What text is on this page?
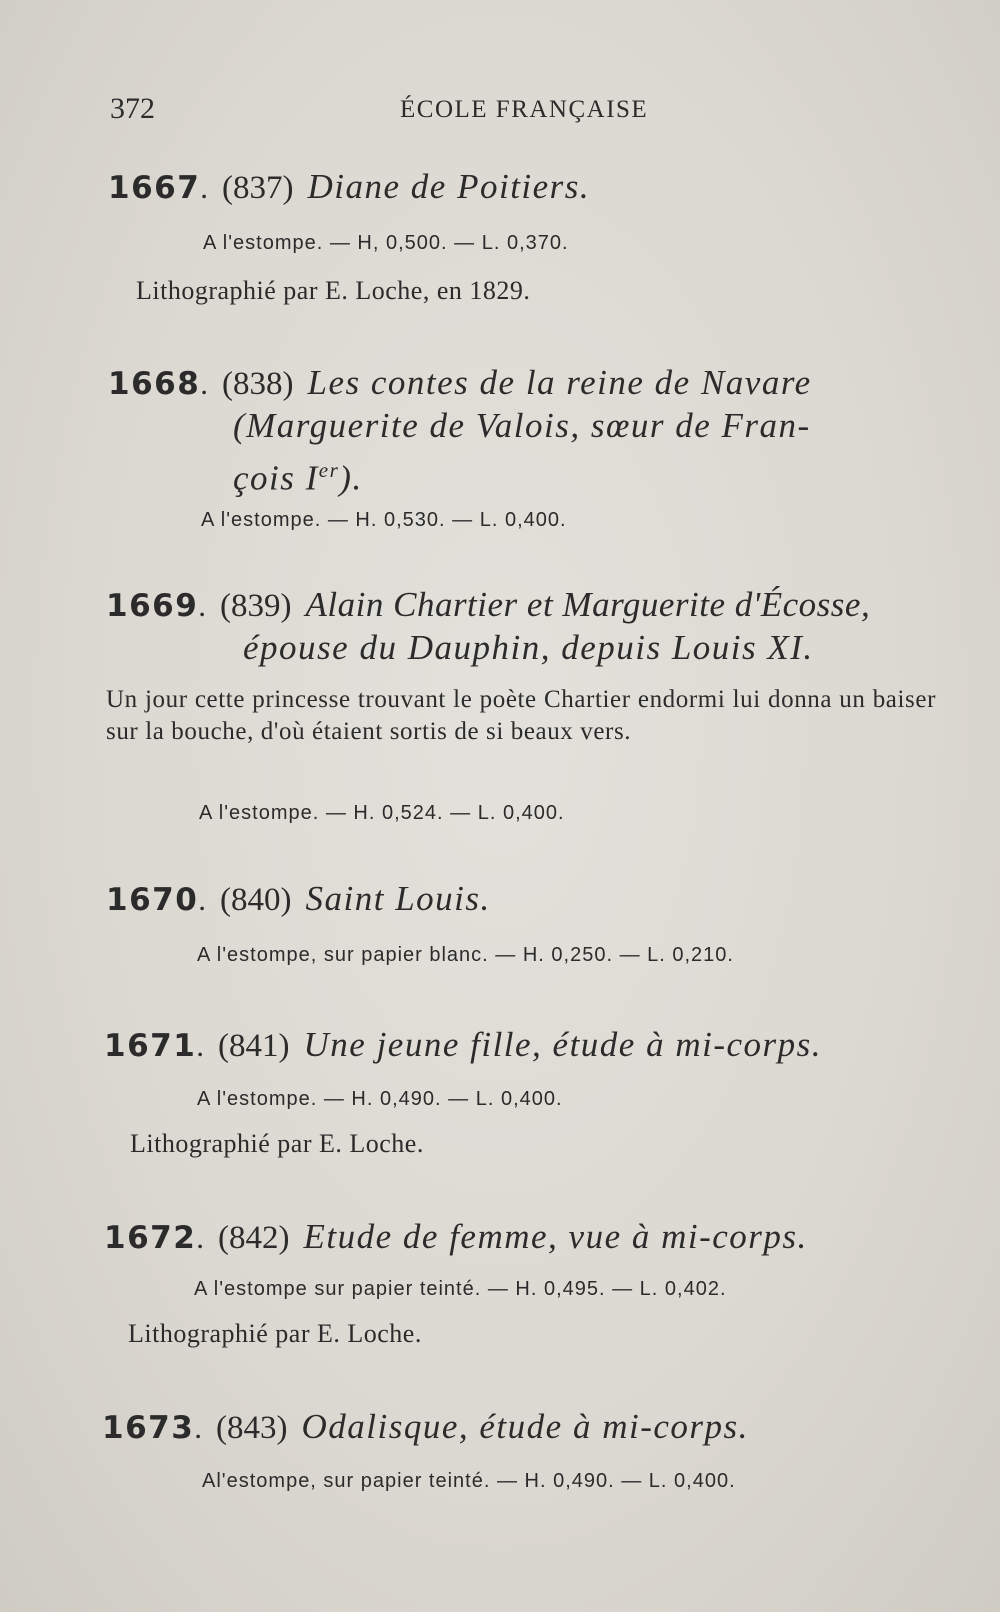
372	ÉCOLE FRANÇAISE
1667. (837) Diane de Poitiers.
A l'estompe. — H, 0,500. — L. 0,370.
Lithographié par E. Loche, en 1829.
1668. (838) Les contes de la reine de Navare
(Marguerite de Valois, sœur de Fran-
çois Ier).
A l'estompe. — H. 0,530. — L. 0,400.
1669. (839) Alain Chartier et Marguerite d'Écosse,
épouse du Dauphin, depuis Louis XI.
Un jour cette princesse trouvant le poète Chartier endormi lui donna un baiser sur la bouche, d'où étaient sortis de si beaux vers.
A l'estompe. — H. 0,524. — L. 0,400.
1670. (840) Saint Louis.
A l'estompe, sur papier blanc. — H. 0,250. — L. 0,210.
1671. (841) Une jeune fille, étude à mi-corps.
A l'estompe. — H. 0,490. — L. 0,400.
Lithographié par E. Loche.
1672. (842) Etude de femme, vue à mi-corps.
A l'estompe sur papier teinté. — H. 0,495. — L. 0,402.
Lithographié par E. Loche.
1673. (843) Odalisque, étude à mi-corps.
Al'estompe, sur papier teinté. — H. 0,490. — L. 0,400.
